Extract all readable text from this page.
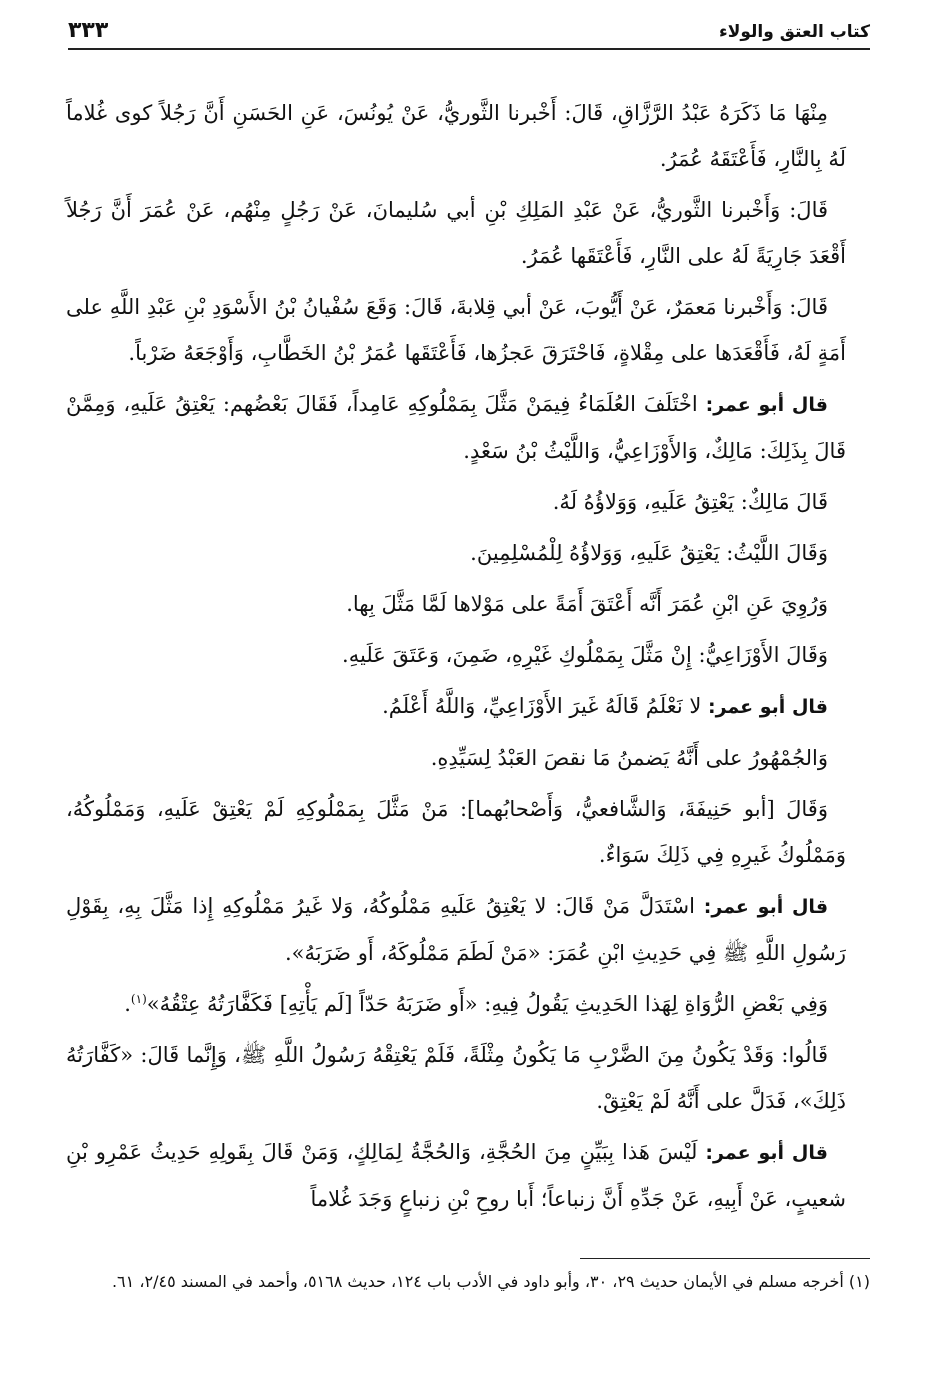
كتاب العتق والولاء
٣٣٣

مِنْهَا مَا ذَكَرَهُ عَبْدُ الرَّزَّاقِ، قَالَ: أَخْبرنا الثَّوريُّ، عَنْ يُونُسَ، عَنِ الحَسَنِ أَنَّ رَجُلاً كوى غُلاماً لَهُ بِالنَّارِ، فَأَعْتَقَهُ عُمَرُ.

قَالَ: وَأَخْبرنا الثَّوريُّ، عَنْ عَبْدِ المَلِكِ بْنِ أبي سُليمانَ، عَنْ رَجُلٍ مِنْهُم، عَنْ عُمَرَ أَنَّ رَجُلاً أَقْعَدَ جَارِيَةً لَهُ على النَّارِ، فَأَعْتَقَها عُمَرُ.

قَالَ: وَأَخْبرنا مَعمَرٌ، عَنْ أَيُّوبَ، عَنْ أبي قِلابةَ، قَالَ: وَقَعَ سُفْيانُ بْنُ الأَسْوَدِ بْنِ عَبْدِ اللَّهِ على أَمَةٍ لَهُ، فَأَقْعَدَها على مِقْلاةٍ، فَاحْتَرَقَ عَجزُها، فَأَعْتَقَها عُمَرُ بْنُ الخَطَّابِ، وَأَوْجَعَهُ ضَرْباً.

قال أبو عمر: اخْتَلَفَ العُلَمَاءُ فِيمَنْ مَثَّلَ بِمَمْلُوكِهِ عَامِداً، فَقَالَ بَعْضُهم: يَعْتِقُ عَلَيهِ، وَمِمَّنْ قَالَ بِذَلِكَ: مَالِكٌ، وَالأَوْزَاعِيُّ، وَاللَّيْثُ بْنُ سَعْدٍ.

قَالَ مَالِكٌ: يَعْتِقُ عَلَيهِ، وَوَلاؤُهُ لَهُ.

وَقَالَ اللَّيْثُ: يَعْتِقُ عَلَيهِ، وَوَلاؤُهُ لِلْمُسْلِمِينَ.

وَرُوِيَ عَنِ ابْنِ عُمَرَ أَنَّه أَعْتَقَ أَمَةً على مَوْلاها لَمَّا مَثَّلَ بِها.

وَقَالَ الأَوْزَاعِيُّ: إِنْ مَثَّلَ بِمَمْلُوكِ غَيْرِهِ، ضَمِنَ، وَعَتَقَ عَلَيهِ.

قال أبو عمر: لا نَعْلَمُ قَالَهُ غَيرَ الأَوْزَاعِيِّ، وَاللَّهُ أَعْلَمُ.

وَالجُمْهُورُ على أَنَّهُ يَضمنُ مَا نقصَ العَبْدُ لِسَيِّدِهِ.

وَقَالَ [أبو حَنِيفَةَ، وَالشَّافعيُّ، وَأَصْحابُهما]: مَنْ مَثَّلَ بِمَمْلُوكِهِ لَمْ يَعْتِقْ عَلَيهِ، وَمَمْلُوكُهُ، وَمَمْلُوكُ غَيرِهِ فِي ذَلِكَ سَوَاءٌ.

قال أبو عمر: اسْتَدَلَّ مَنْ قَالَ: لا يَعْتِقُ عَلَيهِ مَمْلُوكُهُ، وَلا غَيرُ مَمْلُوكِهِ إِذا مَثَّلَ بِهِ، بِقَوْلِ رَسُولِ اللَّهِ ﷺ فِي حَدِيثِ ابْنِ عُمَرَ: «مَنْ لَطَمَ مَمْلُوكَهُ، أَو ضَرَبَهُ».

وَفِي بَعْضِ الرُّوَاةِ لِهَذا الحَدِيثِ يَقُولُ فِيهِ: «أَو ضَرَبَهُ حَدّاً [لَم يَأْتِهِ] فَكَفَّارَتُهُ عِتْقُهُ»$^{(١)}$.

قَالُوا: وَقَدْ يَكُونُ مِنَ الضَّرْبِ مَا يَكُونُ مِثْلَةً، فَلَمْ يَعْتِقْهُ رَسُولُ اللَّهِ ﷺ، وَإِنَّما قَالَ: «كَفَّارَتُهُ ذَلِكَ»، فَدَلَّ على أَنَّهُ لَمْ يَعْتِقْ.

قال أبو عمر: لَيْسَ هَذا بِبَيِّنٍ مِنَ الحُجَّةِ، وَالحُجَّةُ لِمَالِكٍ، وَمَنْ قَالَ بِقَولِهِ حَدِيثُ عَمْرِو بْنِ شعيبٍ، عَنْ أَبِيهِ، عَنْ جَدِّهِ أَنَّ زنباعاً؛ أَبا روحِ بْنِ زنباعٍ وَجَدَ غُلاماً

(١) أخرجه مسلم في الأيمان حديث ٢٩، ٣٠، وأبو داود في الأدب باب ١٢٤، حديث ٥١٦٨، وأحمد في المسند ٢/٤٥، ٦١.
